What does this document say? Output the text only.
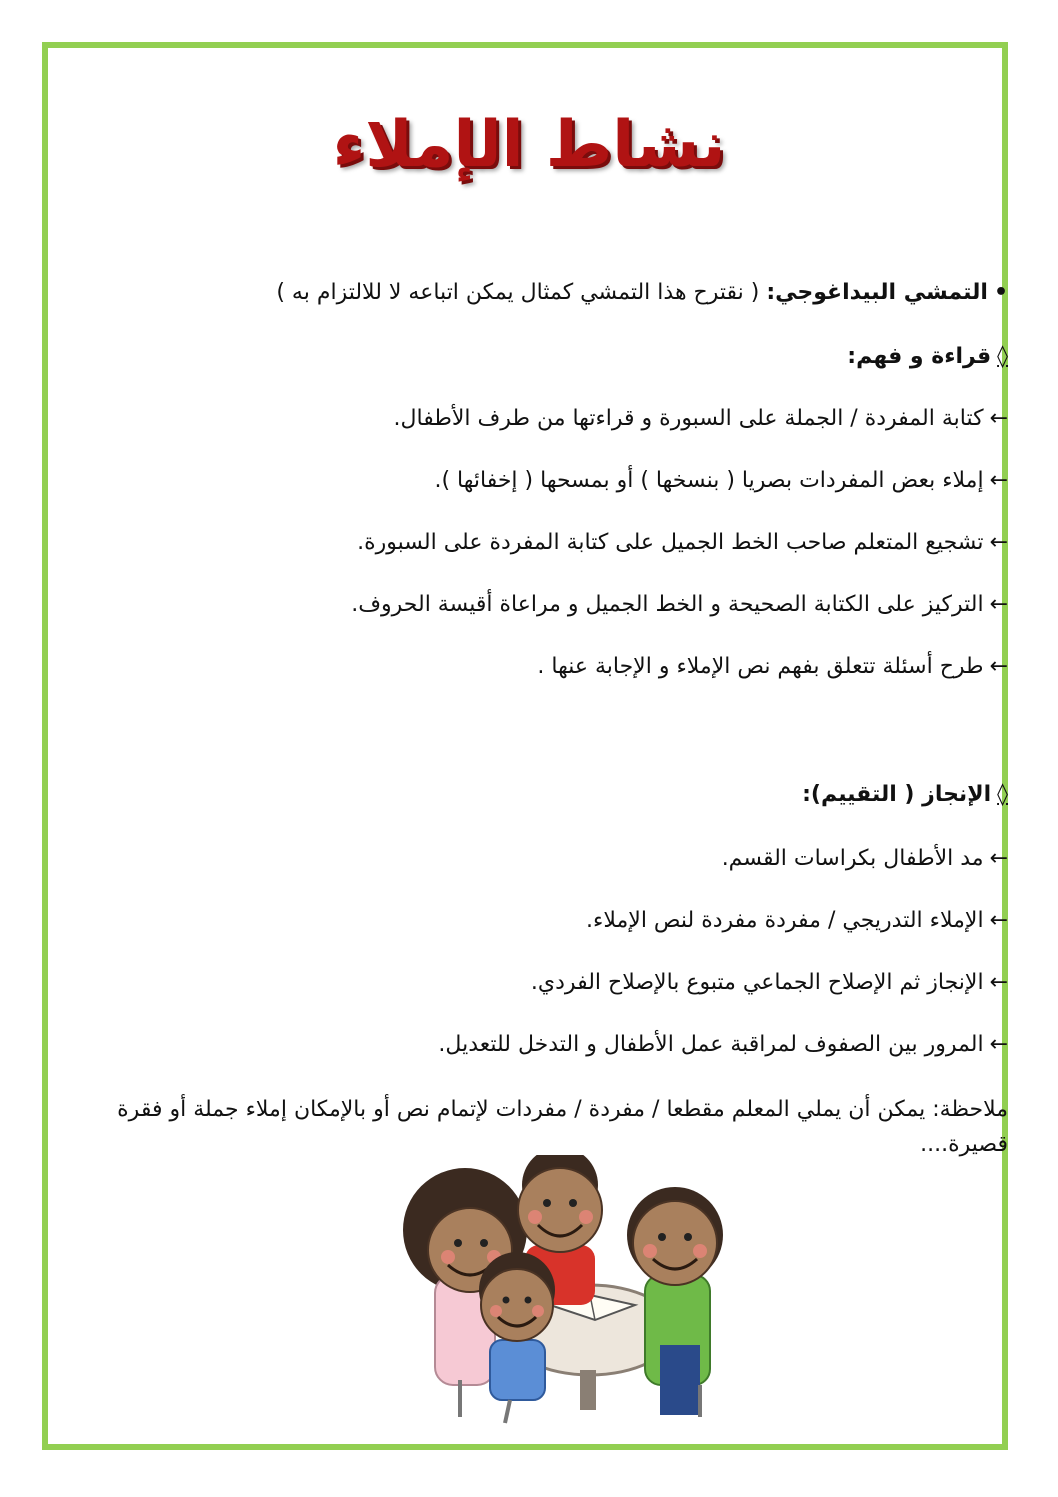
نشاط الإملاء
•التمشي البيداغوجي: ( نقترح هذا التمشي كمثال يمكن اتباعه لا للالتزام به )
◊قراءة و فهم:
←كتابة المفردة / الجملة على السبورة و قراءتها من طرف الأطفال.
←إملاء بعض المفردات بصريا ( بنسخها ) أو بمسحها ( إخفائها ).
←تشجيع المتعلم صاحب الخط الجميل على كتابة المفردة على السبورة.
←التركيز على الكتابة الصحيحة و الخط الجميل و مراعاة أقيسة الحروف.
←طرح أسئلة تتعلق بفهم نص الإملاء و الإجابة عنها .
◊الإنجاز ( التقييم):
←مد الأطفال بكراسات القسم.
←الإملاء التدريجي / مفردة مفردة لنص الإملاء.
←الإنجاز ثم الإصلاح الجماعي متبوع بالإصلاح الفردي.
←المرور بين الصفوف لمراقبة عمل الأطفال و التدخل للتعديل.
ملاحظة: يمكن أن يملي المعلم مقطعا / مفردة / مفردات لإتمام نص أو بالإمكان إملاء جملة أو فقرة قصيرة....
